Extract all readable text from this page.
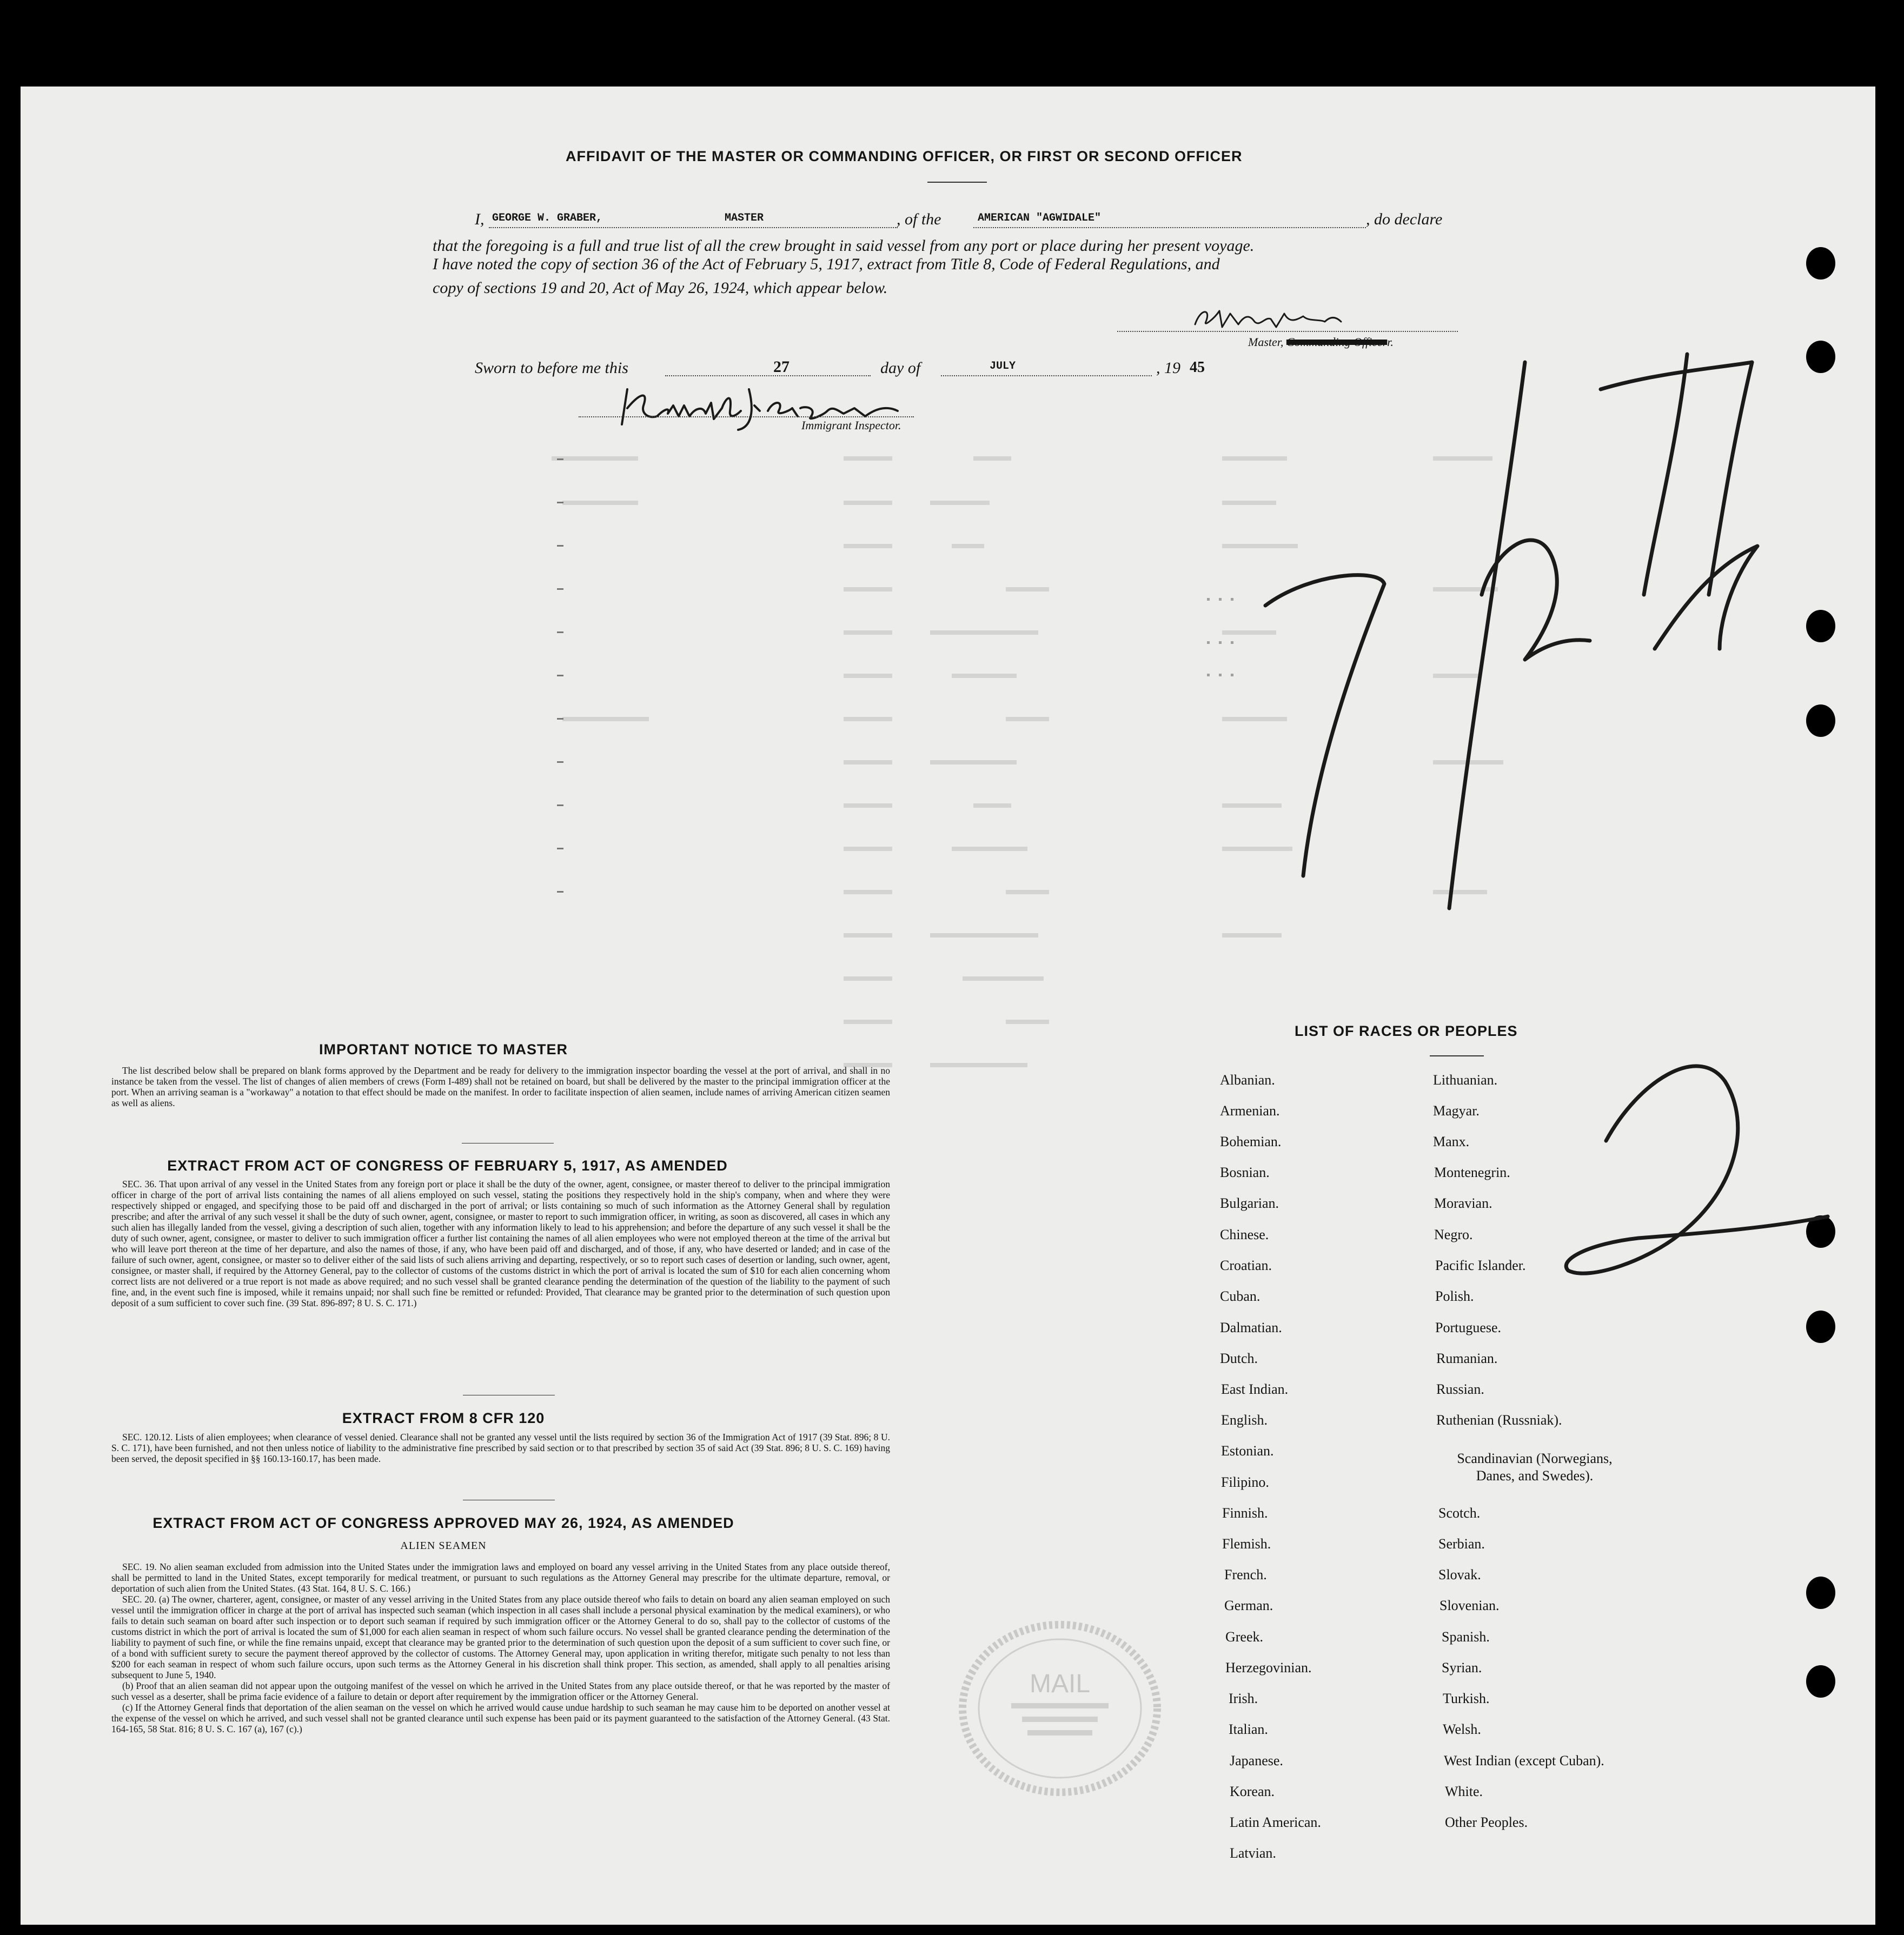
AFFIDAVIT OF THE MASTER OR COMMANDING OFFICER, OR FIRST OR SECOND OFFICER
I, GEORGE W. GRABER,	MASTER	, of the	AMERICAN "AGWIDALE"	, do declare
that the foregoing is a full and true list of all the crew brought in said vessel from any port or place during her present voyage.
I have noted the copy of section 36 of the Act of February 5, 1917, extract from Title 8, Code of Federal Regulations, and
copy of sections 19 and 20, Act of May 26, 1924, which appear below.
Master, Commanding Officerr.
Sworn to before me this	27	day of	JULY	, 19 45
Immigrant Inspector.
IMPORTANT NOTICE TO MASTER

The list described below shall be prepared on blank forms approved by the Department and be ready for delivery to the immigration inspector boarding the vessel at the port of arrival, and shall in no instance be taken from the vessel. The list of changes of alien members of crews (Form I-489) shall not be retained on board, but shall be delivered by the master to the principal immigration officer at the port. When an arriving seaman is a "workaway" a notation to that effect should be made on the manifest. In order to facilitate inspection of alien seamen, include names of arriving American citizen seamen as well as aliens.

EXTRACT FROM ACT OF CONGRESS OF FEBRUARY 5, 1917, AS AMENDED

SEC. 36. That upon arrival of any vessel in the United States from any foreign port or place it shall be the duty of the owner, agent, consignee, or master thereof to deliver to the principal immigration officer in charge of the port of arrival lists containing the names of all aliens employed on such vessel, stating the positions they respectively hold in the ship's company, when and where they were respectively shipped or engaged, and specifying those to be paid off and discharged in the port of arrival; or lists containing so much of such information as the Attorney General shall by regulation prescribe; and after the arrival of any such vessel it shall be the duty of such owner, agent, consignee, or master to report to such immigration officer, in writing, as soon as discovered, all cases in which any such alien has illegally landed from the vessel, giving a description of such alien, together with any information likely to lead to his apprehension; and before the departure of any such vessel it shall be the duty of such owner, agent, consignee, or master to deliver to such immigration officer a further list containing the names of all alien employees who were not employed thereon at the time of the arrival but who will leave port thereon at the time of her departure, and also the names of those, if any, who have been paid off and discharged, and of those, if any, who have deserted or landed; and in case of the failure of such owner, agent, consignee, or master so to deliver either of the said lists of such aliens arriving and departing, respectively, or so to report such cases of desertion or landing, such owner, agent, consignee, or master shall, if required by the Attorney General, pay to the collector of customs of the customs district in which the port of arrival is located the sum of $10 for each alien concerning whom correct lists are not delivered or a true report is not made as above required; and no such vessel shall be granted clearance pending the determination of the question of the liability to the payment of such fine, and, in the event such fine is imposed, while it remains unpaid; nor shall such fine be remitted or refunded: Provided, That clearance may be granted prior to the determination of such question upon deposit of a sum sufficient to cover such fine. (39 Stat. 896-897; 8 U. S. C. 171.)

EXTRACT FROM 8 CFR 120

SEC. 120.12. Lists of alien employees; when clearance of vessel denied. Clearance shall not be granted any vessel until the lists required by section 36 of the Immigration Act of 1917 (39 Stat. 896; 8 U. S. C. 171), have been furnished, and not then unless notice of liability to the administrative fine prescribed by said section or to that prescribed by section 35 of said Act (39 Stat. 896; 8 U. S. C. 169) having been served, the deposit specified in §§ 160.13-160.17, has been made.

EXTRACT FROM ACT OF CONGRESS APPROVED MAY 26, 1924, AS AMENDED
ALIEN SEAMEN

SEC. 19. No alien seaman excluded from admission into the United States under the immigration laws and employed on board any vessel arriving in the United States from any place outside thereof, shall be permitted to land in the United States, except temporarily for medical treatment, or pursuant to such regulations as the Attorney General may prescribe for the ultimate departure, removal, or deportation of such alien from the United States. (43 Stat. 164, 8 U. S. C. 166.)

SEC. 20. (a) The owner, charterer, agent, consignee, or master of any vessel arriving in the United States from any place outside thereof who fails to detain on board any alien seaman employed on such vessel until the immigration officer in charge at the port of arrival has inspected such seaman (which inspection in all cases shall include a personal physical examination by the medical examiners), or who fails to detain such seaman on board after such inspection or to deport such seaman if required by such immigration officer or the Attorney General to do so, shall pay to the collector of customs of the customs district in which the port of arrival is located the sum of $1,000 for each alien seaman in respect of whom such failure occurs. No vessel shall be granted clearance pending the determination of the liability to payment of such fine, or while the fine remains unpaid, except that clearance may be granted prior to the determination of such question upon the deposit of a sum sufficient to cover such fine, or of a bond with sufficient surety to secure the payment thereof approved by the collector of customs. The Attorney General may, upon application in writing therefor, mitigate such penalty to not less than $200 for each seaman in respect of whom such failure occurs, upon such terms as the Attorney General in his discretion shall think proper. This section, as amended, shall apply to all penalties arising subsequent to June 5, 1940.

(b) Proof that an alien seaman did not appear upon the outgoing manifest of the vessel on which he arrived in the United States from any place outside thereof, or that he was reported by the master of such vessel as a deserter, shall be prima facie evidence of a failure to detain or deport after requirement by the immigration officer or the Attorney General.

(c) If the Attorney General finds that deportation of the alien seaman on the vessel on which he arrived would cause undue hardship to such seaman he may cause him to be deported on another vessel at the expense of the vessel on which he arrived, and such vessel shall not be granted clearance until such expense has been paid or its payment guaranteed to the satisfaction of the Attorney General. (43 Stat. 164-165, 58 Stat. 816; 8 U. S. C. 167 (a), 167 (c).)

MAIL
LIST OF RACES OR PEOPLES
Albanian.
Armenian.
Bohemian.
Bosnian.
Bulgarian.
Chinese.
Croatian.
Cuban.
Dalmatian.
Dutch.
East Indian.
English.
Estonian.
Filipino.
Finnish.
Flemish.
French.
German.
Greek.
Herzegovinian.
Irish.
Italian.
Japanese.
Korean.
Latin American.
Latvian.
Lithuanian.
Magyar.
Manx.
Montenegrin.
Moravian.
Negro.
Pacific Islander.
Polish.
Portuguese.
Rumanian.
Russian.
Ruthenian (Russniak).
Scandinavian (Norwegians, Danes, and Swedes).
Scotch.
Serbian.
Slovak.
Slovenian.
Spanish.
Syrian.
Turkish.
Welsh.
West Indian (except Cuban).
White.
Other Peoples.
